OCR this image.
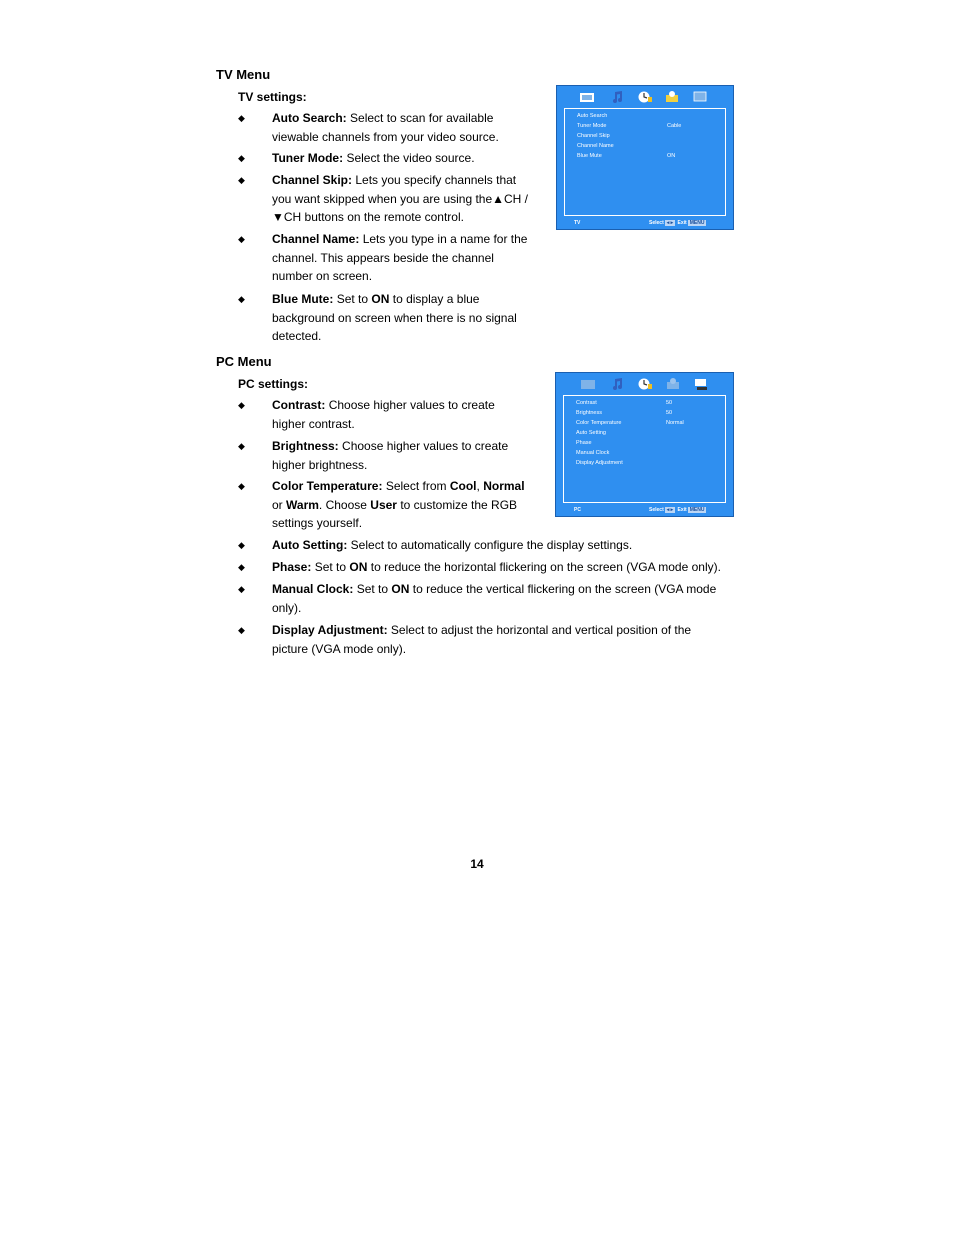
TV Menu
TV settings:
◆ Auto Search: Select to scan for available
viewable channels from your video source.
◆ Tuner Mode: Select the video source.
◆ Channel Skip: Lets you specify channels that
you want skipped when you are using the▲CH /
▼CH buttons on the remote control.
◆ Channel Name: Lets you type in a name for the
channel. This appears beside the channel
number on screen.
◆ Blue Mute: Set to ON to display a blue
background on screen when there is no signal
detected.
Auto Search
Tuner Mode	Cable
Channel Skip
Channel Name
Blue Mute	ON
TV	Select ◂ ▸ Exit MENU
PC Menu
PC settings:
◆ Contrast: Choose higher values to create
higher contrast.
◆ Brightness: Choose higher values to create
higher brightness.
◆ Color Temperature: Select from Cool, Normal
or Warm. Choose User to customize the RGB
settings yourself.
◆ Auto Setting: Select to automatically configure the display settings.
◆ Phase: Set to ON to reduce the horizontal flickering on the screen (VGA mode only).
◆ Manual Clock: Set to ON to reduce the vertical flickering on the screen (VGA mode
only).
◆ Display Adjustment: Select to adjust the horizontal and vertical position of the
picture (VGA mode only).
Contrast	50
Brightness	50
Color Temperature	Normal
Auto Setting
Phase
Manual Clock
Display Adjustment
PC	Select ◂ ▸ Exit MENU
14
